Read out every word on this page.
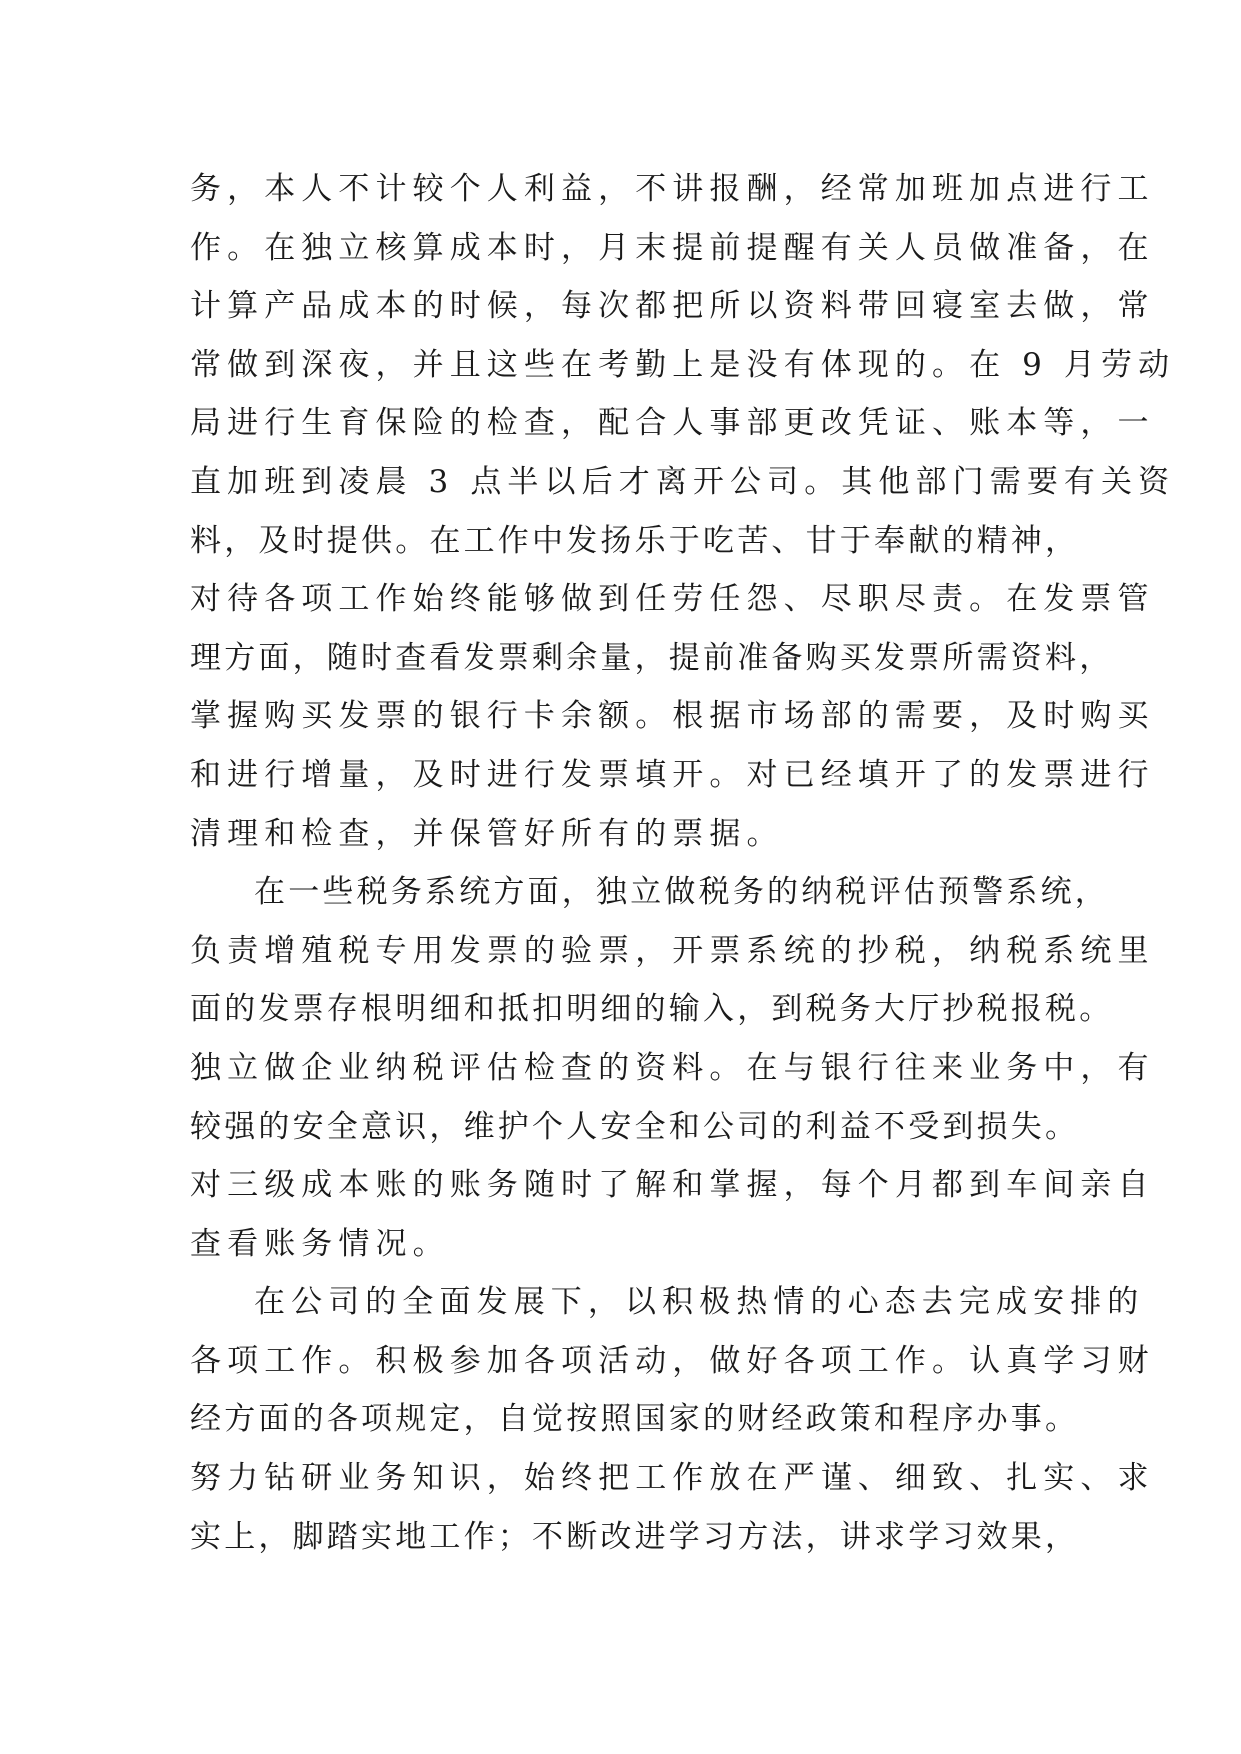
务，本人不计较个人利益，不讲报酬，经常加班加点进行工
作。在独立核算成本时，月末提前提醒有关人员做准备，在
计算产品成本的时候，每次都把所以资料带回寝室去做，常
常做到深夜，并且这些在考勤上是没有体现的。在 9 月劳动
局进行生育保险的检查，配合人事部更改凭证、账本等，一
直加班到凌晨 3 点半以后才离开公司。其他部门需要有关资
料，及时提供。在工作中发扬乐于吃苦、甘于奉献的精神，
对待各项工作始终能够做到任劳任怨、尽职尽责。在发票管
理方面，随时查看发票剩余量，提前准备购买发票所需资料，
掌握购买发票的银行卡余额。根据市场部的需要，及时购买
和进行增量，及时进行发票填开。对已经填开了的发票进行
清理和检查，并保管好所有的票据。
在一些税务系统方面，独立做税务的纳税评估预警系统，
负责增殖税专用发票的验票，开票系统的抄税，纳税系统里
面的发票存根明细和抵扣明细的输入，到税务大厅抄税报税。
独立做企业纳税评估检查的资料。在与银行往来业务中，有
较强的安全意识，维护个人安全和公司的利益不受到损失。
对三级成本账的账务随时了解和掌握，每个月都到车间亲自
查看账务情况。
在公司的全面发展下，以积极热情的心态去完成安排的
各项工作。积极参加各项活动，做好各项工作。认真学习财
经方面的各项规定，自觉按照国家的财经政策和程序办事。
努力钻研业务知识，始终把工作放在严谨、细致、扎实、求
实上，脚踏实地工作；不断改进学习方法，讲求学习效果，
